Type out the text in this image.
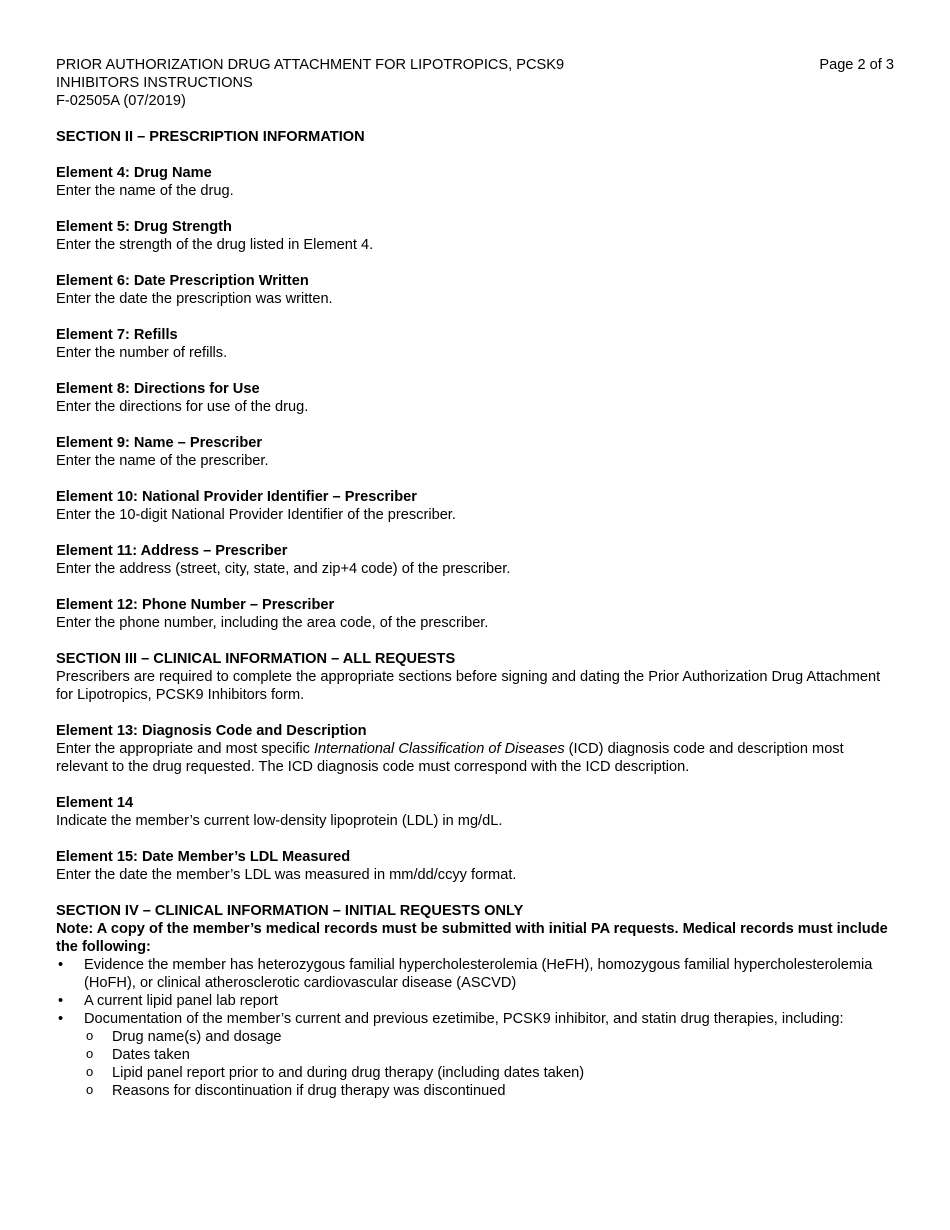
PRIOR AUTHORIZATION DRUG ATTACHMENT FOR LIPOTROPICS, PCSK9
INHIBITORS INSTRUCTIONS
F-02505A (07/2019)
Page 2 of 3
SECTION II – PRESCRIPTION INFORMATION
Element 4: Drug Name
Enter the name of the drug.
Element 5: Drug Strength
Enter the strength of the drug listed in Element 4.
Element 6: Date Prescription Written
Enter the date the prescription was written.
Element 7: Refills
Enter the number of refills.
Element 8: Directions for Use
Enter the directions for use of the drug.
Element 9: Name – Prescriber
Enter the name of the prescriber.
Element 10: National Provider Identifier – Prescriber
Enter the 10-digit National Provider Identifier of the prescriber.
Element 11: Address – Prescriber
Enter the address (street, city, state, and zip+4 code) of the prescriber.
Element 12: Phone Number – Prescriber
Enter the phone number, including the area code, of the prescriber.
SECTION III – CLINICAL INFORMATION – ALL REQUESTS
Prescribers are required to complete the appropriate sections before signing and dating the Prior Authorization Drug Attachment for Lipotropics, PCSK9 Inhibitors form.
Element 13: Diagnosis Code and Description
Enter the appropriate and most specific International Classification of Diseases (ICD) diagnosis code and description most relevant to the drug requested. The ICD diagnosis code must correspond with the ICD description.
Element 14
Indicate the member’s current low-density lipoprotein (LDL) in mg/dL.
Element 15: Date Member’s LDL Measured
Enter the date the member’s LDL was measured in mm/dd/ccyy format.
SECTION IV – CLINICAL INFORMATION – INITIAL REQUESTS ONLY
Note: A copy of the member’s medical records must be submitted with initial PA requests. Medical records must include the following:
• Evidence the member has heterozygous familial hypercholesterolemia (HeFH), homozygous familial hypercholesterolemia (HoFH), or clinical atherosclerotic cardiovascular disease (ASCVD)
• A current lipid panel lab report
• Documentation of the member’s current and previous ezetimibe, PCSK9 inhibitor, and statin drug therapies, including:
o Drug name(s) and dosage
o Dates taken
o Lipid panel report prior to and during drug therapy (including dates taken)
o Reasons for discontinuation if drug therapy was discontinued
